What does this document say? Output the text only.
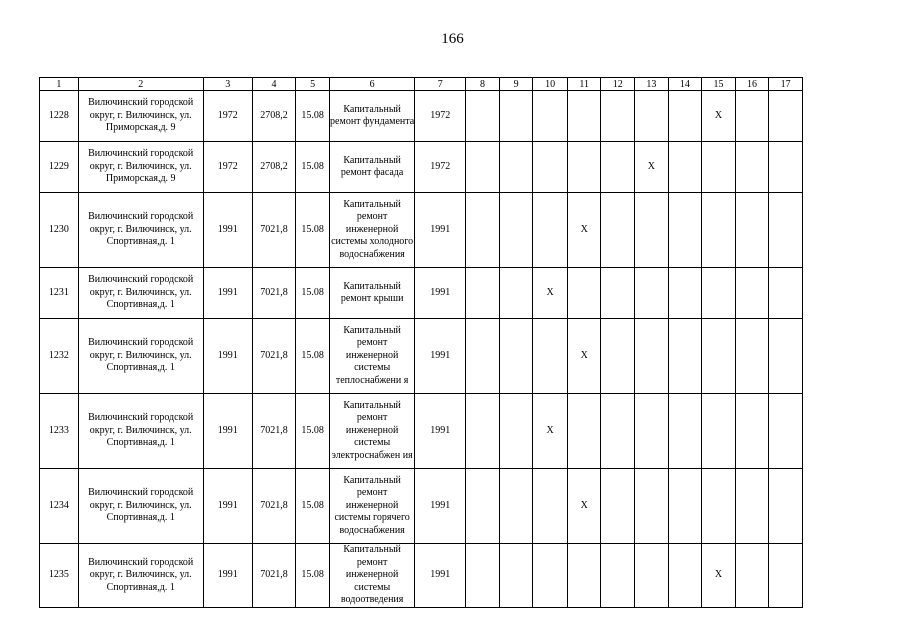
166
1	2	3	4	5	6	7	8	9	10	11	12	13	14	15	16	17
1228	Вилючинский городской округ, г. Вилючинск, ул. Приморская,д. 9	1972	2708,2	15.08	Капитальный ремонт фундамента	1972								Х		
1229	Вилючинский городской округ, г. Вилючинск, ул. Приморская,д. 9	1972	2708,2	15.08	Капитальный ремонт фасада	1972						Х				
1230	Вилючинский городской округ, г. Вилючинск, ул. Спортивная,д. 1	1991	7021,8	15.08	Капитальный ремонт инженерной системы холодного водоснабжения	1991				Х						
1231	Вилючинский городской округ, г. Вилючинск, ул. Спортивная,д. 1	1991	7021,8	15.08	Капитальный ремонт крыши	1991			Х							
1232	Вилючинский городской округ, г. Вилючинск, ул. Спортивная,д. 1	1991	7021,8	15.08	Капитальный ремонт инженерной системы теплоснабжени я	1991				Х						
1233	Вилючинский городской округ, г. Вилючинск, ул. Спортивная,д. 1	1991	7021,8	15.08	Капитальный ремонт инженерной системы электроснабжен ия	1991			Х							
1234	Вилючинский городской округ, г. Вилючинск, ул. Спортивная,д. 1	1991	7021,8	15.08	Капитальный ремонт инженерной системы горячего водоснабжения	1991				Х						
1235	Вилючинский городской округ, г. Вилючинск, ул. Спортивная,д. 1	1991	7021,8	15.08	Капитальный ремонт инженерной системы водоотведения	1991								Х		
